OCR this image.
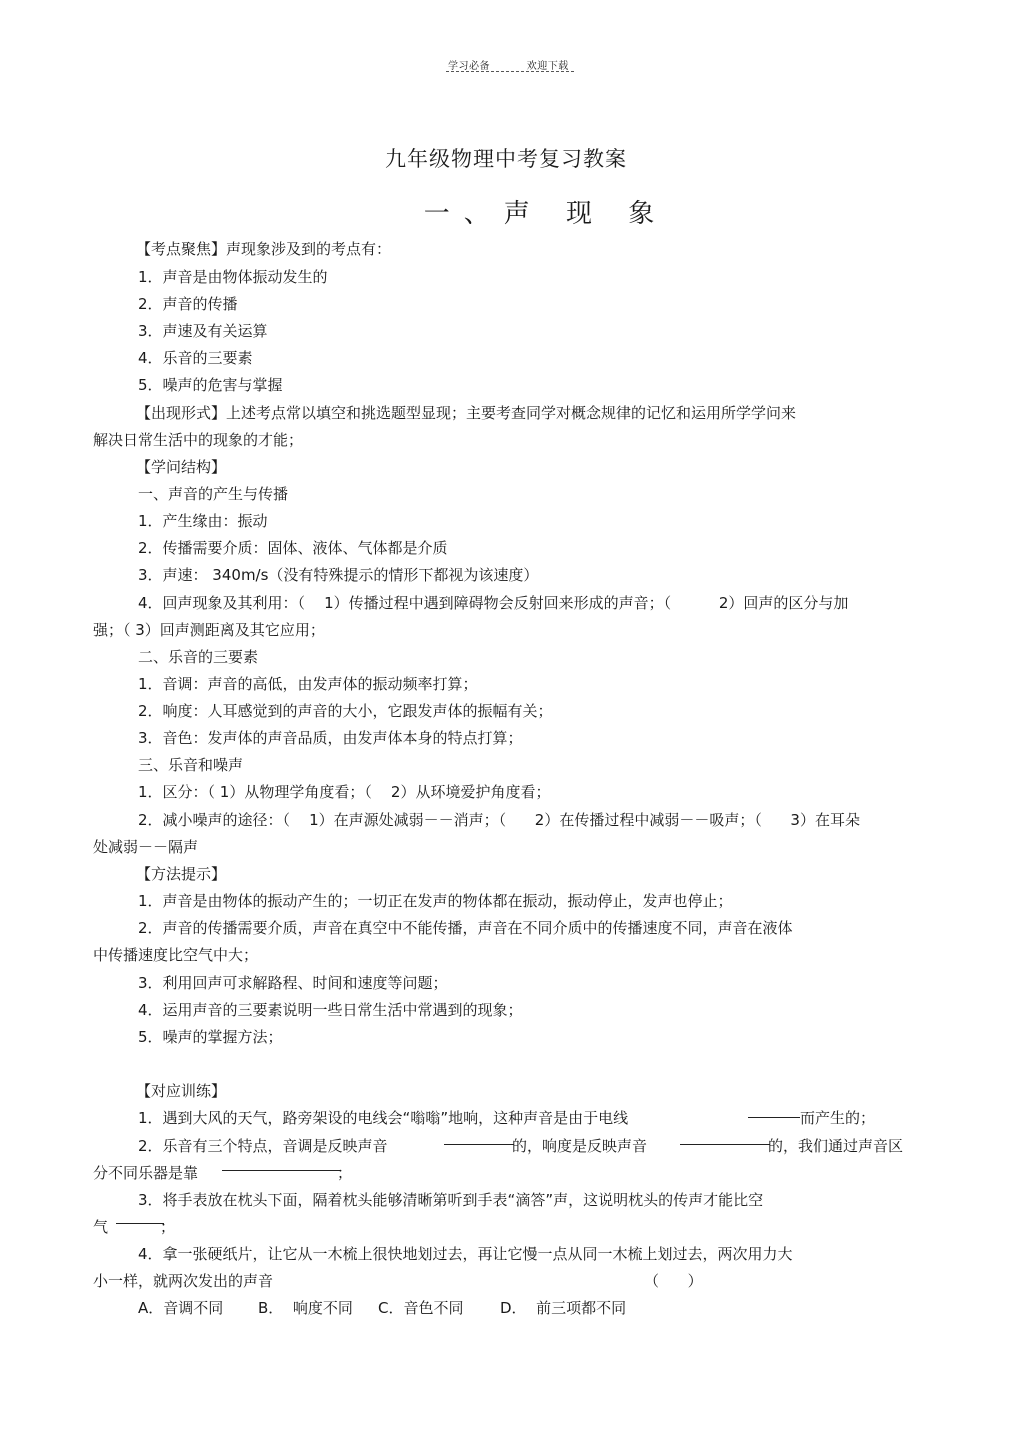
学习必备	欢迎下载
九年级物理中考复习教案
一、声 现 象
【考点聚焦】声现象涉及到的考点有：
1．声音是由物体振动发生的
2．声音的传播
3．声速及有关运算
4．乐音的三要素
5．噪声的危害与掌握
【出现形式】上述考点常以填空和挑选题型显现；主要考查同学对概念规律的记忆和运用所学学问来
解决日常生活中的现象的才能；
【学问结构】
一、声音的产生与传播
1．产生缘由：振动
2．传播需要介质：固体、液体、气体都是介质
3．声速： 340m/s（没有特殊提示的情形下都视为该速度）
4．回声现象及其利用：（    1）传播过程中遇到障碍物会反射回来形成的声音；（          2）回声的区分与加
强；（ 3）回声测距离及其它应用；
二、乐音的三要素
1．音调：声音的高低，由发声体的振动频率打算；
2．响度：人耳感觉到的声音的大小，它跟发声体的振幅有关；
3．音色：发声体的声音品质，由发声体本身的特点打算；
三、乐音和噪声
1．区分：（ 1）从物理学角度看；（    2）从环境爱护角度看；
2．减小噪声的途径：（    1）在声源处减弱－－消声；（      2）在传播过程中减弱－－吸声；（      3）在耳朵
处减弱－－隔声
【方法提示】
1．声音是由物体的振动产生的；一切正在发声的物体都在振动，振动停止，发声也停止；
2．声音的传播需要介质，声音在真空中不能传播，声音在不同介质中的传播速度不同，声音在液体
中传播速度比空气中大；
3．利用回声可求解路程、时间和速度等问题；
4．运用声音的三要素说明一些日常生活中常遇到的现象；
5．噪声的掌握方法；
【对应训练】
1．遇到大风的天气，路旁架设的电线会“嗡嗡”地响，这种声音是由于电线	而产生的；
2．乐音有三个特点，音调是反映声音	的，响度是反映声音	的，我们通过声音区
分不同乐器是靠	；
3．将手表放在枕头下面，隔着枕头能够清晰第听到手表“滴答”声，这说明枕头的传声才能比空
气	；
4．拿一张硬纸片，让它从一木梳上很快地划过去，再让它慢一点从同一木梳上划过去，两次用力大
小一样，就两次发出的声音	（      ）
A．音调不同 B．  响度不同 C．音色不同 D．  前三项都不同
